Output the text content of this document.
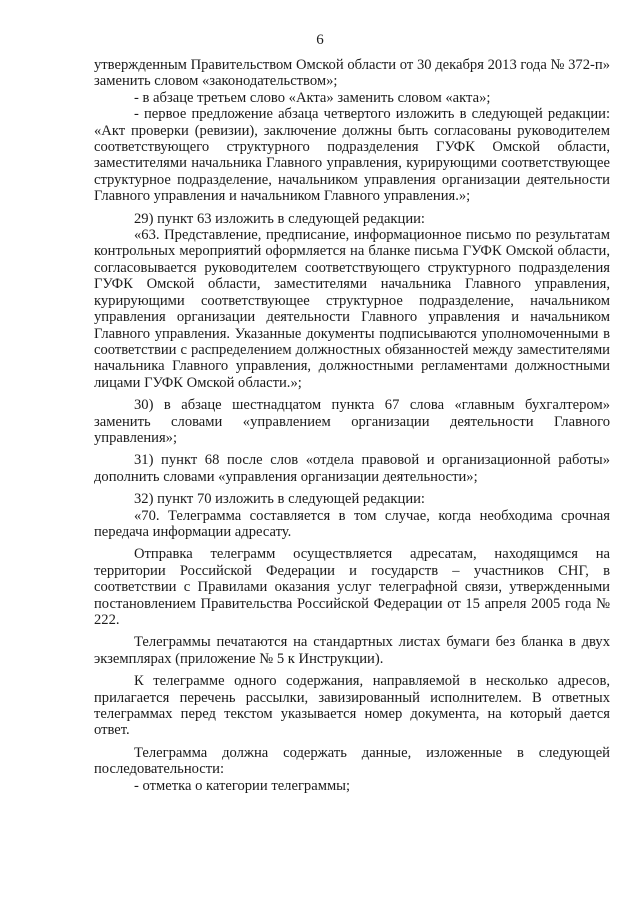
6

утвержденным Правительством Омской области от 30 декабря 2013 года № 372-п» заменить словом «законодательством»;

- в абзаце третьем слово «Акта» заменить словом «акта»;

- первое предложение абзаца четвертого изложить в следующей редакции: «Акт проверки (ревизии), заключение должны быть согласованы руководителем соответствующего структурного подразделения ГУФК Омской области, заместителями начальника Главного управления, курирующими соответствующее структурное подразделение, начальником управления организации деятельности Главного управления и начальником Главного управления.»;

29) пункт 63 изложить в следующей редакции:

«63. Представление, предписание, информационное письмо по результатам контрольных мероприятий оформляется на бланке письма ГУФК Омской области, согласовывается руководителем соответствующего структурного подразделения ГУФК Омской области, заместителями начальника Главного управления, курирующими соответствующее структурное подразделение, начальником управления организации деятельности Главного управления и начальником Главного управления. Указанные документы подписываются уполномоченными в соответствии с распределением должностных обязанностей между заместителями начальника Главного управления, должностными регламентами должностными лицами ГУФК Омской области.»;

30) в абзаце шестнадцатом пункта 67 слова «главным бухгалтером» заменить словами «управлением организации деятельности Главного управления»;

31) пункт 68 после слов «отдела правовой и организационной работы» дополнить словами «управления организации деятельности»;

32) пункт 70 изложить в следующей редакции:

«70. Телеграмма составляется в том случае, когда необходима срочная передача информации адресату.

Отправка телеграмм осуществляется адресатам, находящимся на территории Российской Федерации и государств – участников СНГ, в соответствии с Правилами оказания услуг телеграфной связи, утвержденными постановлением Правительства Российской Федерации от 15 апреля 2005 года № 222.

Телеграммы печатаются на стандартных листах бумаги без бланка в двух экземплярах (приложение № 5 к Инструкции).

К телеграмме одного содержания, направляемой в несколько адресов, прилагается перечень рассылки, завизированный исполнителем. В ответных телеграммах перед текстом указывается номер документа, на который дается ответ.

Телеграмма должна содержать данные, изложенные в следующей последовательности:

- отметка о категории телеграммы;
